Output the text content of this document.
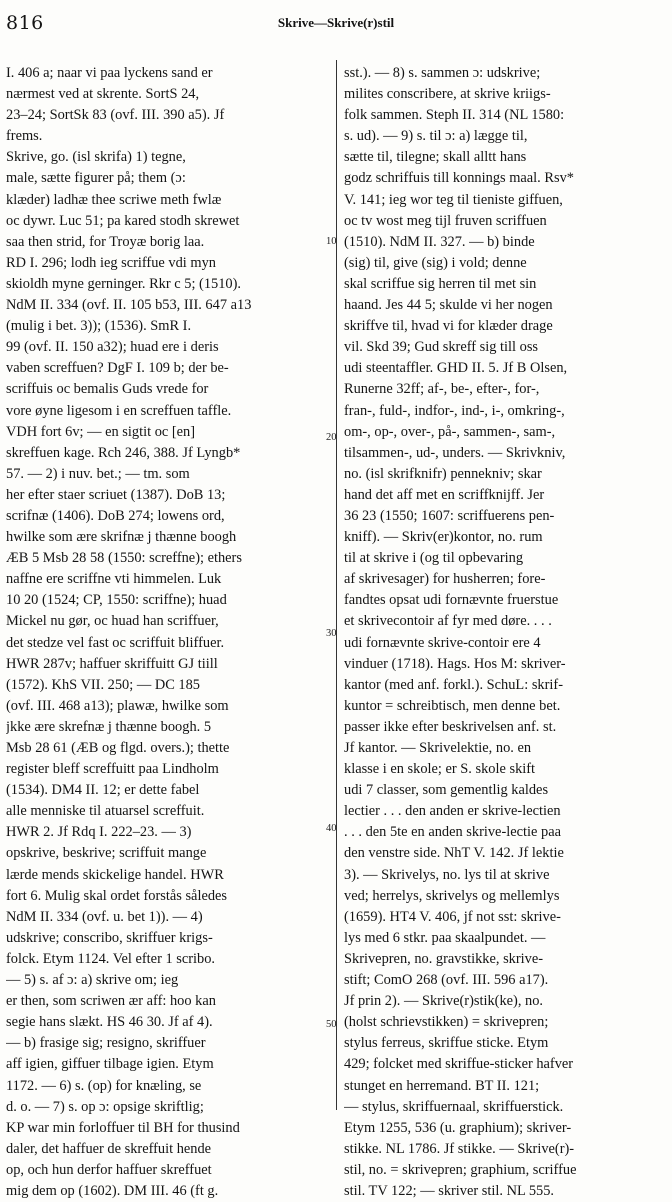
816	Skrive—Skrive(r)stil
I. 406 a; naar vi paa lyckens sand er
nærmest ved at skrente. SortS 24,
23–24; SortSk 83 (ovf. III. 390 a5). Jf
frems.
Skrive, go. (isl skrifa) 1) tegne,
male, sætte figurer på; them (ɔ:
klæder) ladhæ thee scriwe meth fwlæ
oc dywr. Luc 51; pa kared stodh skrewet
saa then strid, for Troyæ borig laa.
RD I. 296; lodh ieg scriffue vdi myn
skioldh myne gerninger. Rkr c 5; (1510).
NdM II. 334 (ovf. II. 105 b53, III. 647 a13
(mulig i bet. 3)); (1536). SmR I.
99 (ovf. II. 150 a32); huad ere i deris
vaben screffuen? DgF I. 109 b; der be-
scriffuis oc bemalis Guds vrede for
vore øyne ligesom i en screffuen taffle.
VDH fort 6v; — en sigtit oc [en]
skreffuen kage. Rch 246, 388. Jf Lyngb*
57. — 2) i nuv. bet.; — tm. som
her efter staer scriuet (1387). DoB 13;
scrifnæ (1406). DoB 274; lowens ord,
hwilke som ære skrifnæ j thænne boogh
ÆB 5 Msb 28 58 (1550: screffne); ethers
naffne ere scriffne vti himmelen. Luk
10 20 (1524; CP, 1550: scriffne); huad
Mickel nu gør, oc huad han scriffuer,
det stedze vel fast oc scriffuit bliffuer.
HWR 287v; haffuer skriffuitt GJ tiill
(1572). KhS VII. 250; — DC 185
(ovf. III. 468 a13); plawæ, hwilke som
jkke ære skrefnæ j thænne boogh. 5
Msb 28 61 (ÆB og flgd. overs.); thette
register bleff screffuitt paa Lindholm
(1534). DM4 II. 12; er dette fabel
alle menniske til atuarsel screffuit.
HWR 2. Jf Rdq I. 222–23. — 3)
opskrive, beskrive; scriffuit mange
lærde mends skickelige handel. HWR
fort 6. Mulig skal ordet forstås således
NdM II. 334 (ovf. u. bet 1)). — 4)
udskrive; conscribo, skriffuer krigs-
folck. Etym 1124. Vel efter 1 scribo.
— 5) s. af ɔ: a) skrive om; ieg
er then, som scriwen ær aff: hoo kan
segie hans slækt. HS 46 30. Jf af 4).
— b) frasige sig; resigno, skriffuer
aff igien, giffuer tilbage igien. Etym
1172. — 6) s. (op) for knæling, se
d. o. — 7) s. op ɔ: opsige skriftlig;
KP war min forloffuer til BH for thusind
daler, det haffuer de skreffuit hende
op, och hun derfor haffuer skreffuet
mig dem op (1602). DM III. 46 (ft g.
sst.). — 8) s. sammen ɔ: udskrive;
milites conscribere, at skrive kriigs-
folk sammen. Steph II. 314 (NL 1580:
s. ud). — 9) s. til ɔ: a) lægge til,
sætte til, tilegne; skall alltt hans
godz schriffuis till konnings maal. Rsv*
V. 141; ieg wor teg til tieniste giffuen,
oc tv wost meg tijl fruven scriffuen
(1510). NdM II. 327. — b) binde
(sig) til, give (sig) i vold; denne
skal scriffue sig herren til met sin
haand. Jes 44 5; skulde vi her nogen
skriffve til, hvad vi for klæder drage
vil. Skd 39; Gud skreff sig till oss
udi steentaffler. GHD II. 5. Jf B Olsen,
Runerne 32ff; af-, be-, efter-, for-,
fran-, fuld-, indfor-, ind-, i-, omkring-,
om-, op-, over-, på-, sammen-, sam-,
tilsammen-, ud-, unders. — Skrivkniv,
no. (isl skrifknifr) pennekniv; skar
hand det aff met en scriffknijff. Jer
36 23 (1550; 1607: scriffuerens pen-
kniff). — Skriv(er)kontor, no. rum
til at skrive i (og til opbevaring
af skrivesager) for husherren; fore-
fandtes opsat udi fornævnte fruerstue
et skrivecontoir af fyr med døre. . . .
udi fornævnte skrive-contoir ere 4
vinduer (1718). Hags. Hos M: skriver-
kantor (med anf. forkl.). SchuL: skrif-
kuntor = schreibtisch, men denne bet.
passer ikke efter beskrivelsen anf. st.
Jf kantor. — Skrivelektie, no. en
klasse i en skole; er S. skole skift
udi 7 classer, som gementlig kaldes
lectier . . . den anden er skrive-lectien
. . . den 5te en anden skrive-lectie paa
den venstre side. NhT V. 142. Jf lektie
3). — Skrivelys, no. lys til at skrive
ved; herrelys, skrivelys og mellemlys
(1659). HT4 V. 406, jf not sst: skrive-
lys med 6 stkr. paa skaalpundet. —
Skrivepren, no. gravstikke, skrive-
stift; ComO 268 (ovf. III. 596 a17).
Jf prin 2). — Skrive(r)stik(ke), no.
(holst schrievstikken) = skrivepren;
stylus ferreus, skriffue sticke. Etym
429; folcket med skriffue-sticker hafver
stunget en herremand. BT II. 121;
— stylus, skriffuernaal, skriffuerstick.
Etym 1255, 536 (u. graphium); skriver-
stikke. NL 1786. Jf stikke. — Skrive(r)-
stil, no. = skrivepren; graphium, scriffue
stil. TV 122; — skriver stil. NL 555.
10
20
30
40
50
